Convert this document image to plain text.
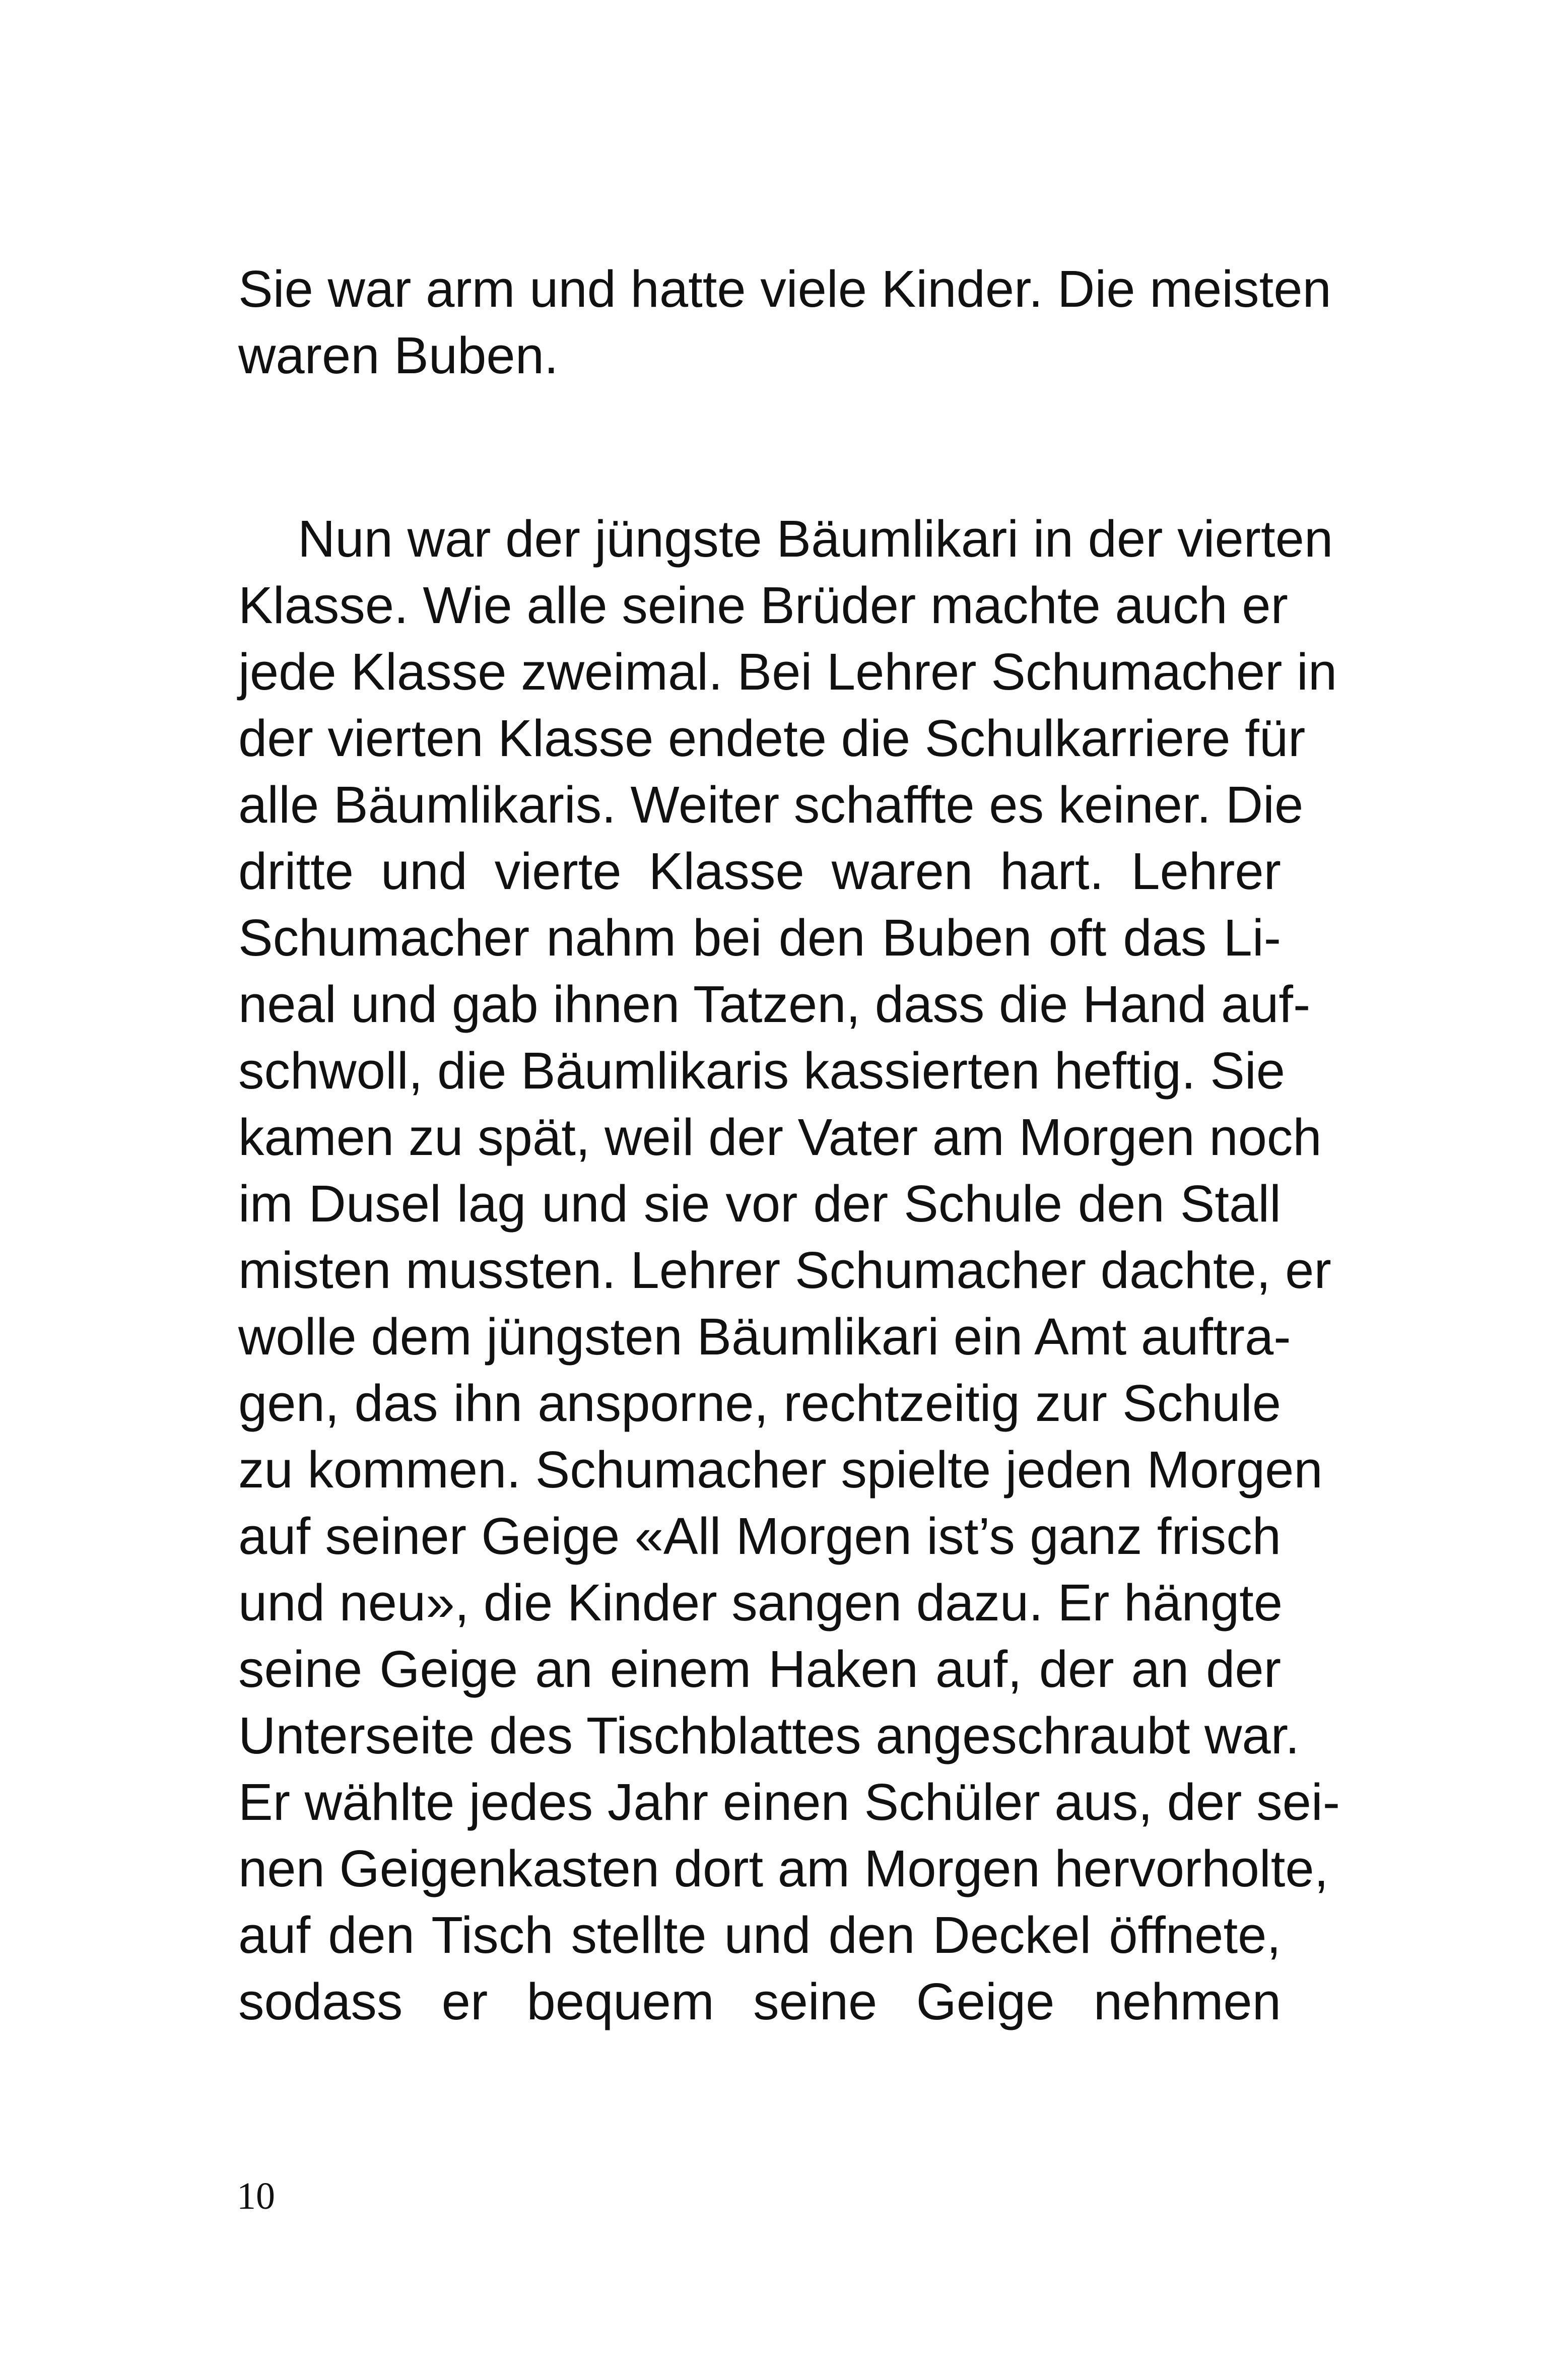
Sie war arm und hatte viele Kinder. Die meisten
waren Buben.
Nun war der jüngste Bäumlikari in der vierten
Klasse. Wie alle seine Brüder machte auch er
jede Klasse zweimal. Bei Lehrer Schumacher in
der vierten Klasse endete die Schulkarriere für
alle Bäumlikaris. Weiter schaffte es keiner. Die
dritte und vierte Klasse waren hart. Lehrer
Schumacher nahm bei den Buben oft das Li-
neal und gab ihnen Tatzen, dass die Hand auf-
schwoll, die Bäumlikaris kassierten heftig. Sie
kamen zu spät, weil der Vater am Morgen noch
im Dusel lag und sie vor der Schule den Stall
misten mussten. Lehrer Schumacher dachte, er
wolle dem jüngsten Bäumlikari ein Amt auftra-
gen, das ihn ansporne, rechtzeitig zur Schule
zu kommen. Schumacher spielte jeden Morgen
auf seiner Geige «All Morgen ist’s ganz frisch
und neu», die Kinder sangen dazu. Er hängte
seine Geige an einem Haken auf, der an der
Unterseite des Tischblattes angeschraubt war.
Er wählte jedes Jahr einen Schüler aus, der sei-
nen Geigenkasten dort am Morgen hervorholte,
auf den Tisch stellte und den Deckel öffnete,
sodass er bequem seine Geige nehmen
10
